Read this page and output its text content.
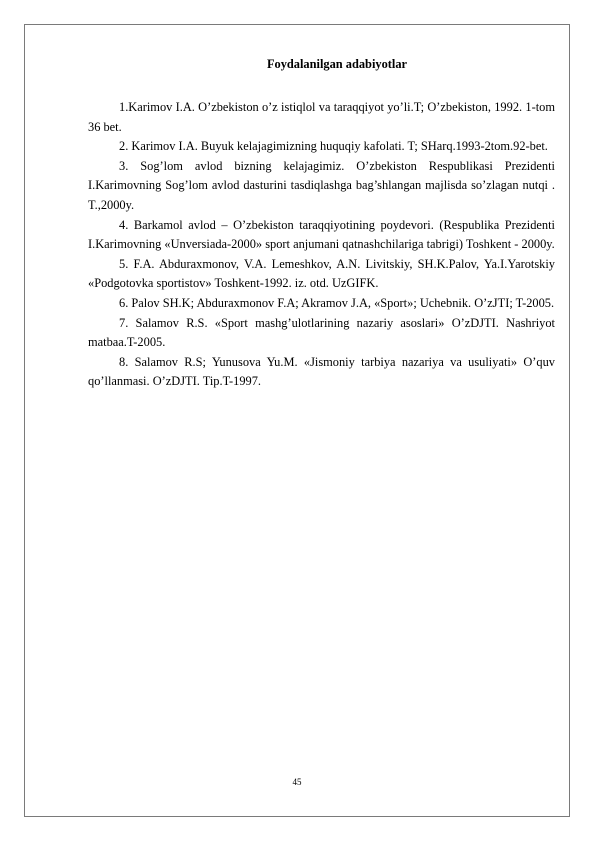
Foydalanilgan adabiyotlar
1.Karimov I.A. O’zbekiston o’z istiqlol va taraqqiyot yo’li.T; O’zbekiston, 1992. 1-tom 36 bet.
2. Karimov I.A. Buyuk kelajagimizning huquqiy kafolati. T; SHarq.1993-2tom.92-bet.
3. Sog’lom avlod bizning kelajagimiz. O’zbekiston Respublikasi Prezidenti I.Karimovning Sog’lom avlod dasturini tasdiqlashga bag’shlangan majlisda so’zlagan nutqi . T.,2000y.
4. Barkamol avlod – O’zbekiston taraqqiyotining poydevori. (Respublika Prezidenti I.Karimovning «Unversiada-2000» sport anjumani qatnashchilariga tabrigi) Toshkent - 2000y.
5. F.A. Abduraxmonov, V.A. Lemeshkov, A.N. Livitskiy, SH.K.Palov, Ya.I.Yarotskiy «Podgotovka sportistov» Toshkent-1992. iz. otd. UzGIFK.
6. Palov SH.K; Abduraxmonov F.A; Akramov J.A, «Sport»; Uchebnik. O’zJTI; T-2005.
7. Salamov R.S. «Sport mashg’ulotlarining nazariy asoslari» O’zDJTI. Nashriyot matbaa.T-2005.
8. Salamov R.S; Yunusova Yu.M. «Jismoniy tarbiya nazariya va usuliyati» O’quv qo’llanmasi. O’zDJTI. Tip.T-1997.
45
